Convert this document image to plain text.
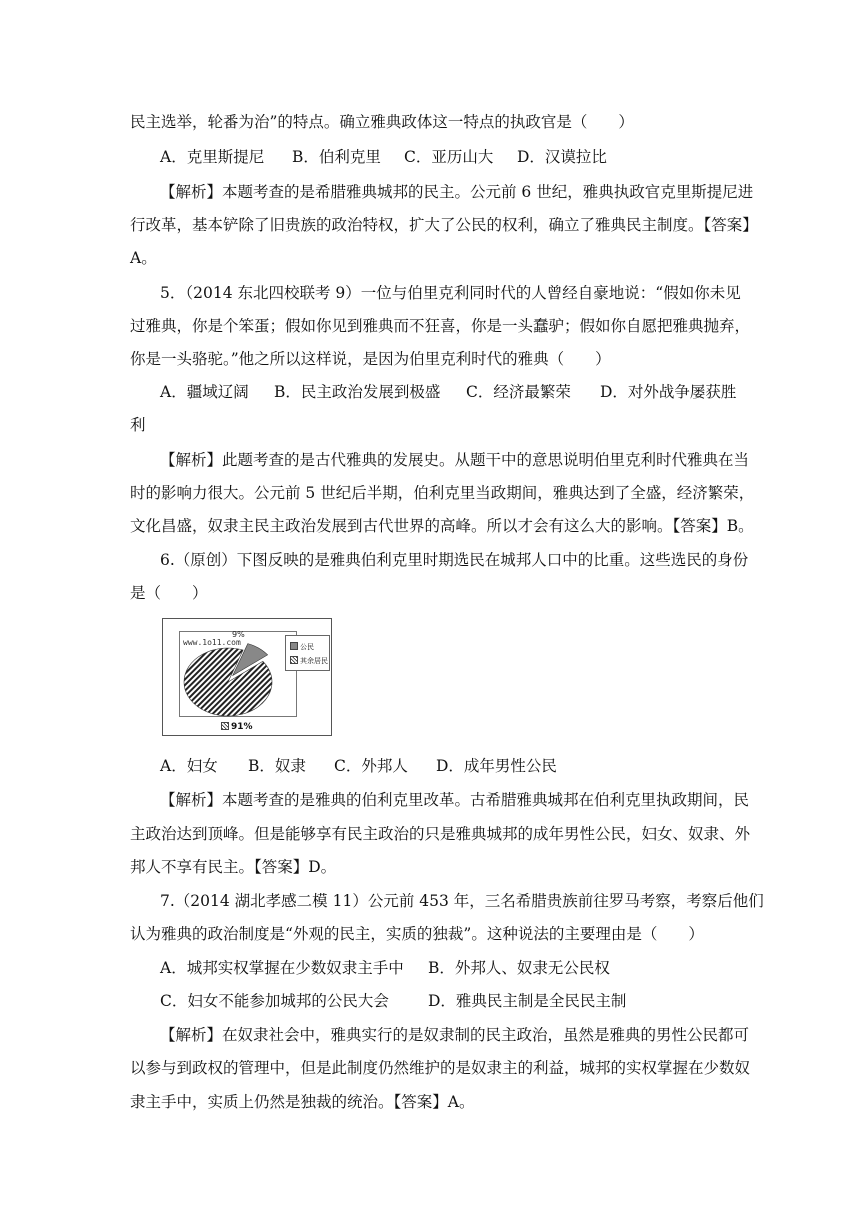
民主选举，轮番为治”的特点。确立雅典政体这一特点的执政官是（　　）
A．克里斯提尼 B．伯利克里 C．亚历山大 D．汉谟拉比
【解析】本题考查的是希腊雅典城邦的民主。公元前 6 世纪，雅典执政官克里斯提尼进
行改革，基本铲除了旧贵族的政治特权，扩大了公民的权利，确立了雅典民主制度。【答案】
A。
5．（2014 东北四校联考 9）一位与伯里克利同时代的人曾经自豪地说：“假如你未见
过雅典，你是个笨蛋；假如你见到雅典而不狂喜，你是一头蠢驴；假如你自愿把雅典抛弃，
你是一头骆驼。”他之所以这样说，是因为伯里克利时代的雅典（　　）
A．疆域辽阔 B．民主政治发展到极盛 C．经济最繁荣 D．对外战争屡获胜
利
【解析】此题考查的是古代雅典的发展史。从题干中的意思说明伯里克利时代雅典在当
时的影响力很大。公元前 5 世纪后半期，伯利克里当政期间，雅典达到了全盛，经济繁荣，
文化昌盛，奴隶主民主政治发展到古代世界的高峰。所以才会有这么大的影响。【答案】B。
6.（原创）下图反映的是雅典伯利克里时期选民在城邦人口中的比重。这些选民的身份
是（　　）
www.1o11.com
9%
公民
其余居民
91%
A．妇女 B．奴隶 C．外邦人 D．成年男性公民
【解析】本题考查的是雅典的伯利克里改革。古希腊雅典城邦在伯利克里执政期间，民
主政治达到顶峰。但是能够享有民主政治的只是雅典城邦的成年男性公民，妇女、奴隶、外
邦人不享有民主。【答案】D。
7.（2014 湖北孝感二模 11）公元前 453 年，三名希腊贵族前往罗马考察，考察后他们
认为雅典的政治制度是“外观的民主，实质的独裁”。这种说法的主要理由是（　　）
A．城邦实权掌握在少数奴隶主手中 B．外邦人、奴隶无公民权
C．妇女不能参加城邦的公民大会	D．雅典民主制是全民民主制
【解析】在奴隶社会中，雅典实行的是奴隶制的民主政治，虽然是雅典的男性公民都可
以参与到政权的管理中，但是此制度仍然维护的是奴隶主的利益，城邦的实权掌握在少数奴
隶主手中，实质上仍然是独裁的统治。【答案】A。
